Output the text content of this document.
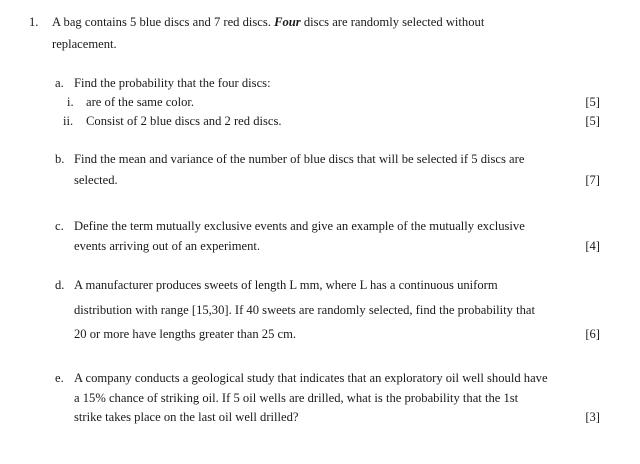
1. A bag contains 5 blue discs and 7 red discs. Four discs are randomly selected without
replacement.
a. Find the probability that the four discs:
i. are of the same color.	[5]
ii. Consist of 2 blue discs and 2 red discs.	[5]
b. Find the mean and variance of the number of blue discs that will be selected if 5 discs are
selected.	[7]
c. Define the term mutually exclusive events and give an example of the mutually exclusive
events arriving out of an experiment.	[4]
d. A manufacturer produces sweets of length L mm, where L has a continuous uniform
distribution with range [15,30]. If 40 sweets are randomly selected, find the probability that
20 or more have lengths greater than 25 cm.	[6]
e. A company conducts a geological study that indicates that an exploratory oil well should have
a 15% chance of striking oil. If 5 oil wells are drilled, what is the probability that the 1st
strike takes place on the last oil well drilled?	[3]
